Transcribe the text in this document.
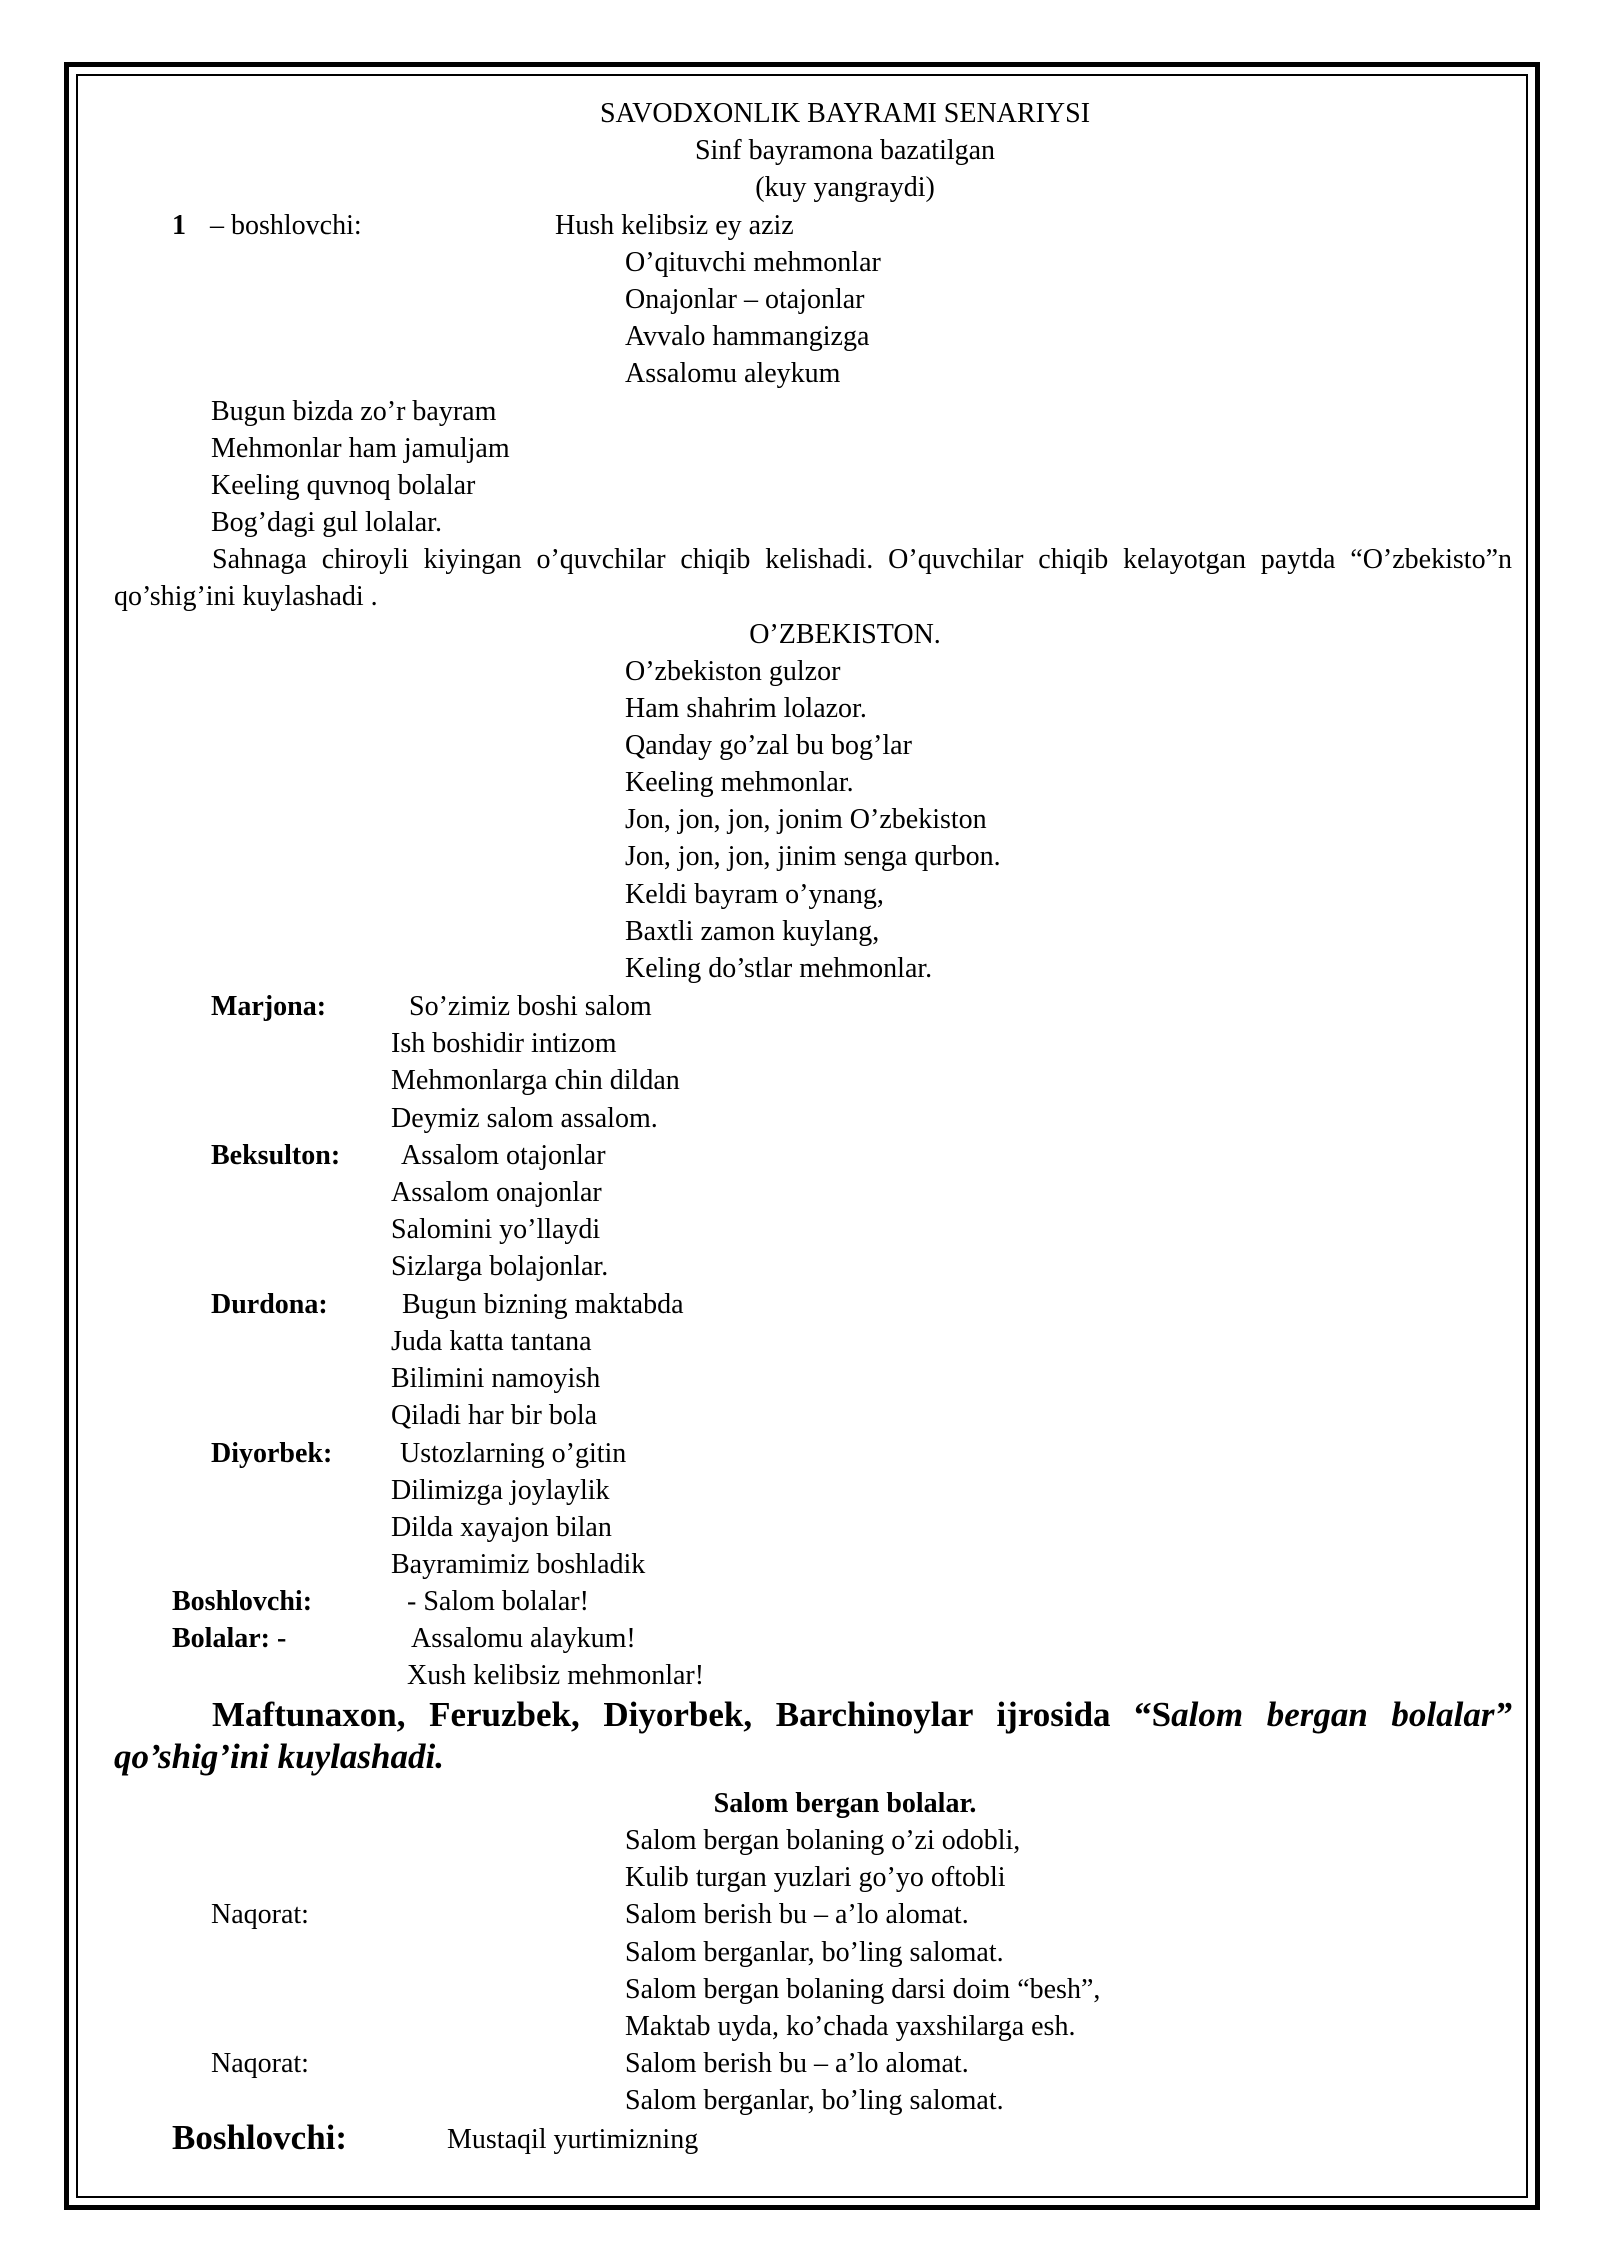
SAVODXONLIK BAYRAMI SENARIYSI
Sinf bayramona bazatilgan
(kuy yangraydi)
1 – boshlovchi:	Hush kelibsiz ey aziz
O’qituvchi mehmonlar
Onajonlar – otajonlar
Avvalo hammangizga
Assalomu aleykum
Bugun bizda zo’r bayram
Mehmonlar ham jamuljam
Keeling quvnoq bolalar
Bog’dagi gul lolalar.
Sahnaga chiroyli kiyingan o’quvchilar chiqib kelishadi. O’quvchilar chiqib kelayotgan paytda “O’zbekisto”n qo’shig’ini kuylashadi .
O’ZBEKISTON.
O’zbekiston gulzor
Ham shahrim lolazor.
Qanday go’zal bu bog’lar
Keeling mehmonlar.
Jon, jon, jon, jonim O’zbekiston
Jon, jon, jon, jinim senga qurbon.
Keldi bayram o’ynang,
Baxtli zamon kuylang,
Keling do’stlar mehmonlar.
Marjona:	So’zimiz boshi salom
Ish boshidir intizom
Mehmonlarga chin dildan
Deymiz salom assalom.
Beksulton: Assalom otajonlar
Assalom onajonlar
Salomini yo’llaydi
Sizlarga bolajonlar.
Durdona:	Bugun bizning maktabda
Juda katta tantana
Bilimini namoyish
Qiladi har bir bola
Diyorbek: Ustozlarning o’gitin
Dilimizga joylaylik
Dilda xayajon bilan
Bayramimiz boshladik
Boshlovchi:	- Salom bolalar!
Bolalar: -	Assalomu alaykum!
Xush kelibsiz mehmonlar!
Maftunaxon, Feruzbek, Diyorbek, Barchinoylar ijrosida “Salom bergan bolalar” qo’shig’ini kuylashadi.
Salom bergan bolalar.
Salom bergan bolaning o’zi odobli,
Kulib turgan yuzlari go’yo oftobli
Naqorat:	Salom berish bu – a’lo alomat.
Salom berganlar, bo’ling salomat.
Salom bergan bolaning darsi doim “besh”,
Maktab uyda, ko’chada yaxshilarga esh.
Naqorat:	Salom berish bu – a’lo alomat.
Salom berganlar, bo’ling salomat.
Boshlovchi:	Mustaqil yurtimizning
